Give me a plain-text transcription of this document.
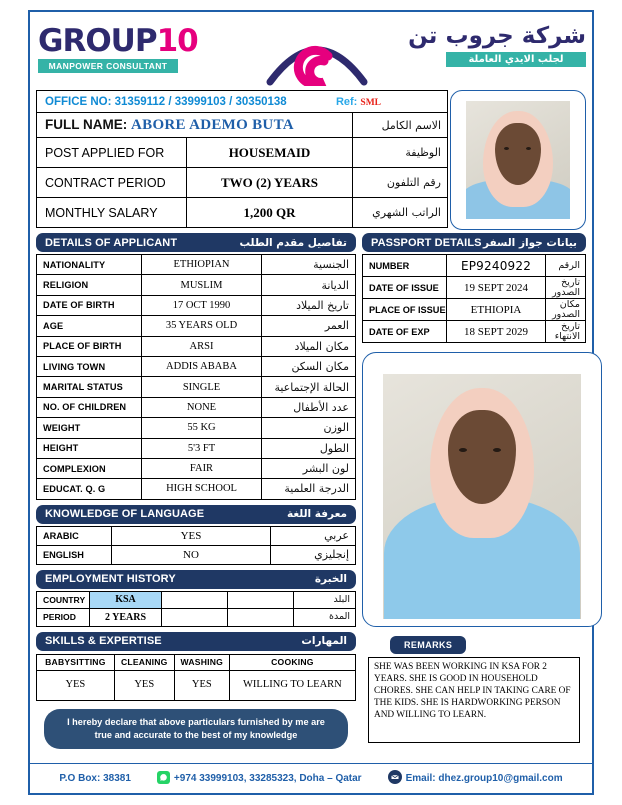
GROUP10
MANPOWER CONSULTANT
شركة جروب تن
لجلب الايدي العاملة
OFFICE NO: 31359112 / 33999103 / 30350138	Ref: SML
FULL NAME: ABORE ADEMO BUTA		الاسم الكامل
POST APPLIED FOR	HOUSEMAID	الوظيفة
CONTRACT PERIOD	TWO (2) YEARS	رقم التلفون
MONTHLY SALARY	1,200 QR	الراتب الشهري
DETAILS OF APPLICANT	تفاصيل مقدم الطلب
NATIONALITY	ETHIOPIAN	الجنسية
RELIGION	MUSLIM	الديانة
DATE OF BIRTH	17 OCT 1990	تاريخ الميلاد
AGE	35 YEARS OLD	العمر
PLACE OF BIRTH	ARSI	مكان الميلاد
LIVING TOWN	ADDIS ABABA	مكان السكن
MARITAL STATUS	SINGLE	الحالة الإجتماعية
NO. OF CHILDREN	NONE	عدد الأطفال
WEIGHT	55 KG	الوزن
HEIGHT	5'3 FT	الطول
COMPLEXION	FAIR	لون البشر
EDUCAT. Q. G	HIGH SCHOOL	الدرجة العلمية
KNOWLEDGE OF LANGUAGE	معرفة اللغة
ARABIC	YES	عربي
ENGLISH	NO	إنجليزي
EMPLOYMENT HISTORY	الخبرة
COUNTRY	KSA			البلد
PERIOD	2 YEARS			المدة
SKILLS & EXPERTISE	المهارات
BABYSITTING	CLEANING	WASHING	COOKING
YES	YES	YES	WILLING TO LEARN
I hereby declare that above particulars furnished by me are true and accurate to the best of my knowledge
PASSPORT DETAILS بيانات جواز السفر
NUMBER	EP9240922	الرقم
DATE OF ISSUE	19 SEPT 2024	تاريخ الصدور
PLACE OF ISSUE	ETHIOPIA	مكان الصدور
DATE OF EXP	18 SEPT 2029	تاريخ الانتهاء
REMARKS
SHE WAS BEEN WORKING IN KSA FOR 2 YEARS. SHE IS GOOD IN HOUSEHOLD CHORES. SHE CAN HELP IN TAKING CARE OF THE KIDS. SHE IS HARDWORKING PERSON AND WILLING TO LEARN.
P.O Box: 38381	+974 33999103, 33285323, Doha – Qatar	Email: dhez.group10@gmail.com
